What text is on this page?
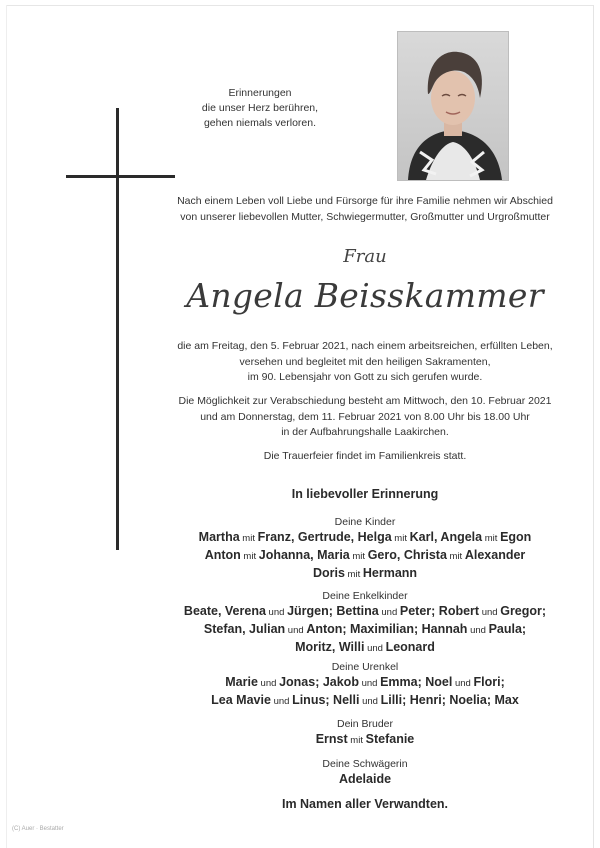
Erinnerungen
die unser Herz berühren,
gehen niemals verloren.
Nach einem Leben voll Liebe und Fürsorge für ihre Familie nehmen wir Abschied
von unserer liebevollen Mutter, Schwiegermutter, Großmutter und Urgroßmutter
Frau
Angela Beisskammer
die am Freitag, den 5. Februar 2021, nach einem arbeitsreichen, erfüllten Leben,
versehen und begleitet mit den heiligen Sakramenten,
im 90. Lebensjahr von Gott zu sich gerufen wurde.
Die Möglichkeit zur Verabschiedung besteht am Mittwoch, den 10. Februar 2021
und am Donnerstag, dem 11. Februar 2021 von 8.00 Uhr bis 18.00 Uhr
in der Aufbahrungshalle Laakirchen.
Die Trauerfeier findet im Familienkreis statt.
In liebevoller Erinnerung
Deine Kinder
Martha mit Franz, Gertrude, Helga mit Karl, Angela mit Egon
Anton mit Johanna, Maria mit Gero, Christa mit Alexander
Doris mit Hermann
Deine Enkelkinder
Beate, Verena und Jürgen; Bettina und Peter; Robert und Gregor;
Stefan, Julian und Anton; Maximilian; Hannah und Paula;
Moritz, Willi und Leonard
Deine Urenkel
Marie und Jonas; Jakob und Emma; Noel und Flori;
Lea Mavie und Linus; Nelli und Lilli; Henri; Noelia; Max
Dein Bruder
Ernst mit Stefanie
Deine Schwägerin
Adelaide
Im Namen aller Verwandten.
(C) Auer · Bestatter
